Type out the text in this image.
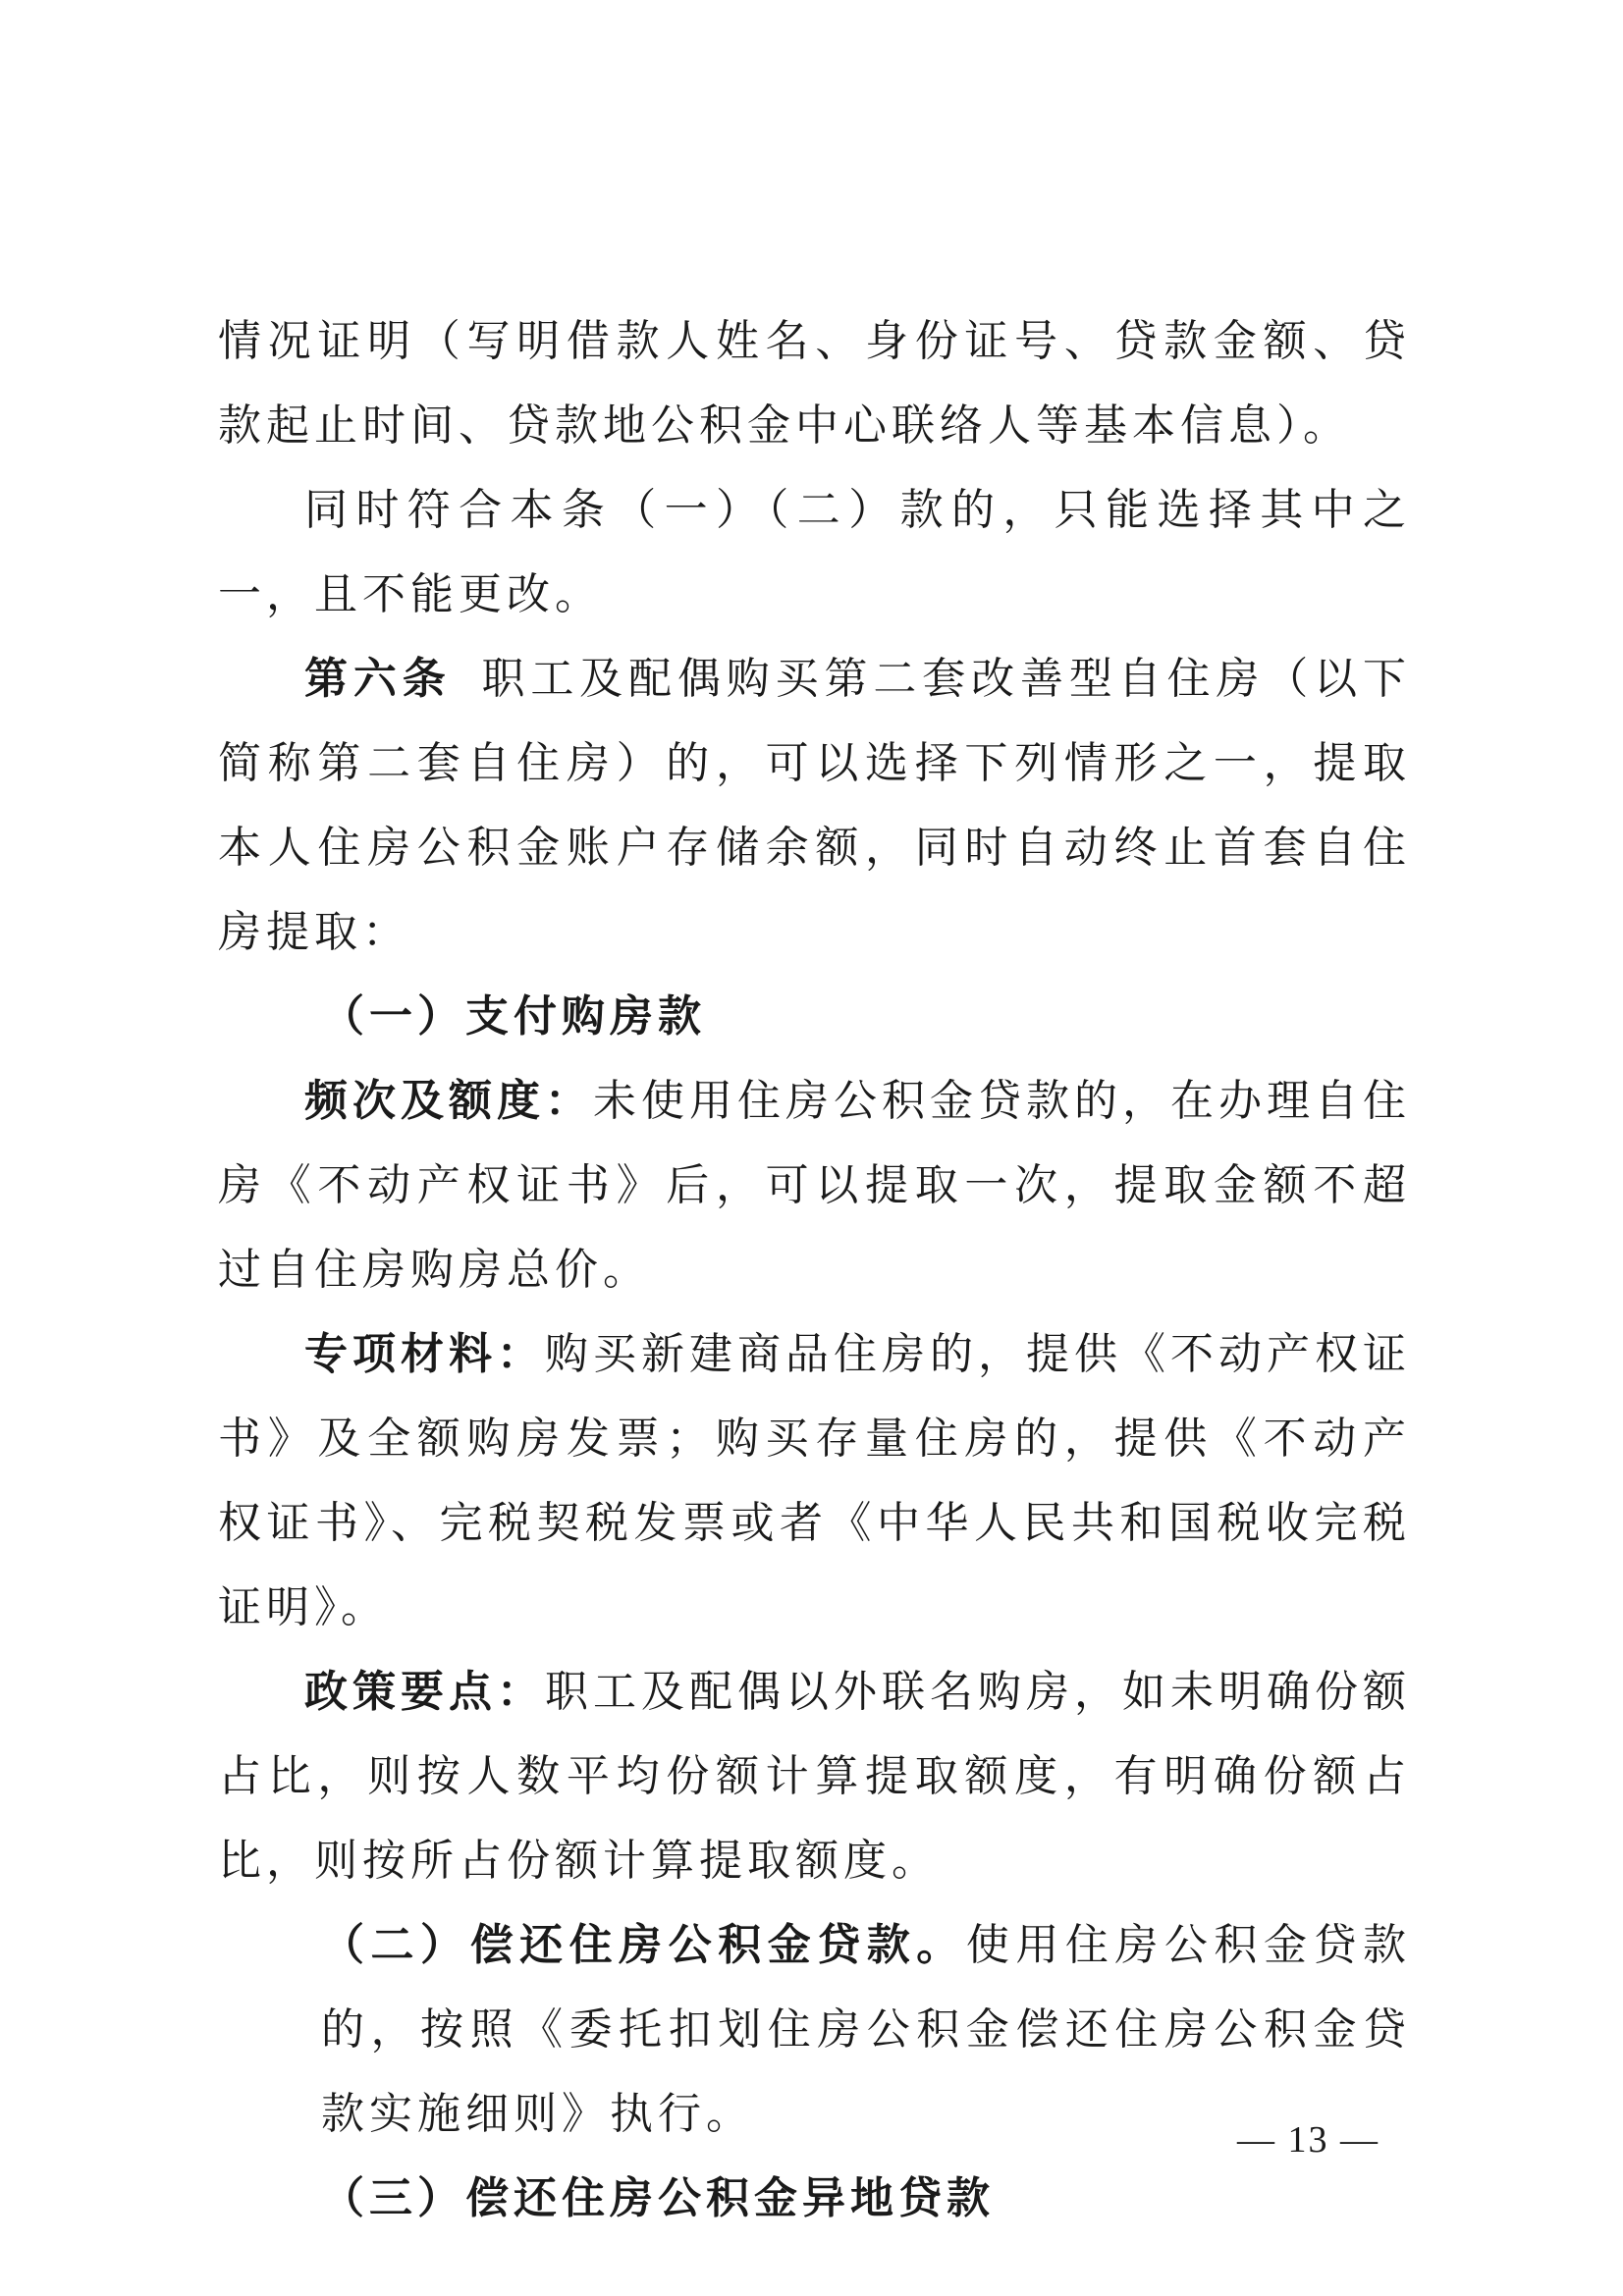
情况证明（写明借款人姓名、身份证号、贷款金额、贷款起止时间、贷款地公积金中心联络人等基本信息）。

同时符合本条（一）（二）款的，只能选择其中之一，且不能更改。

第六条 职工及配偶购买第二套改善型自住房（以下简称第二套自住房）的，可以选择下列情形之一，提取本人住房公积金账户存储余额，同时自动终止首套自住房提取：

（一）支付购房款

频次及额度：未使用住房公积金贷款的，在办理自住房《不动产权证书》后，可以提取一次，提取金额不超过自住房购房总价。

专项材料：购买新建商品住房的，提供《不动产权证书》及全额购房发票；购买存量住房的，提供《不动产权证书》、完税契税发票或者《中华人民共和国税收完税证明》。

政策要点：职工及配偶以外联名购房，如未明确份额占比，则按人数平均份额计算提取额度，有明确份额占比，则按所占份额计算提取额度。

（二）偿还住房公积金贷款。使用住房公积金贷款的，按照《委托扣划住房公积金偿还住房公积金贷款实施细则》执行。

（三）偿还住房公积金异地贷款

— 13 —
